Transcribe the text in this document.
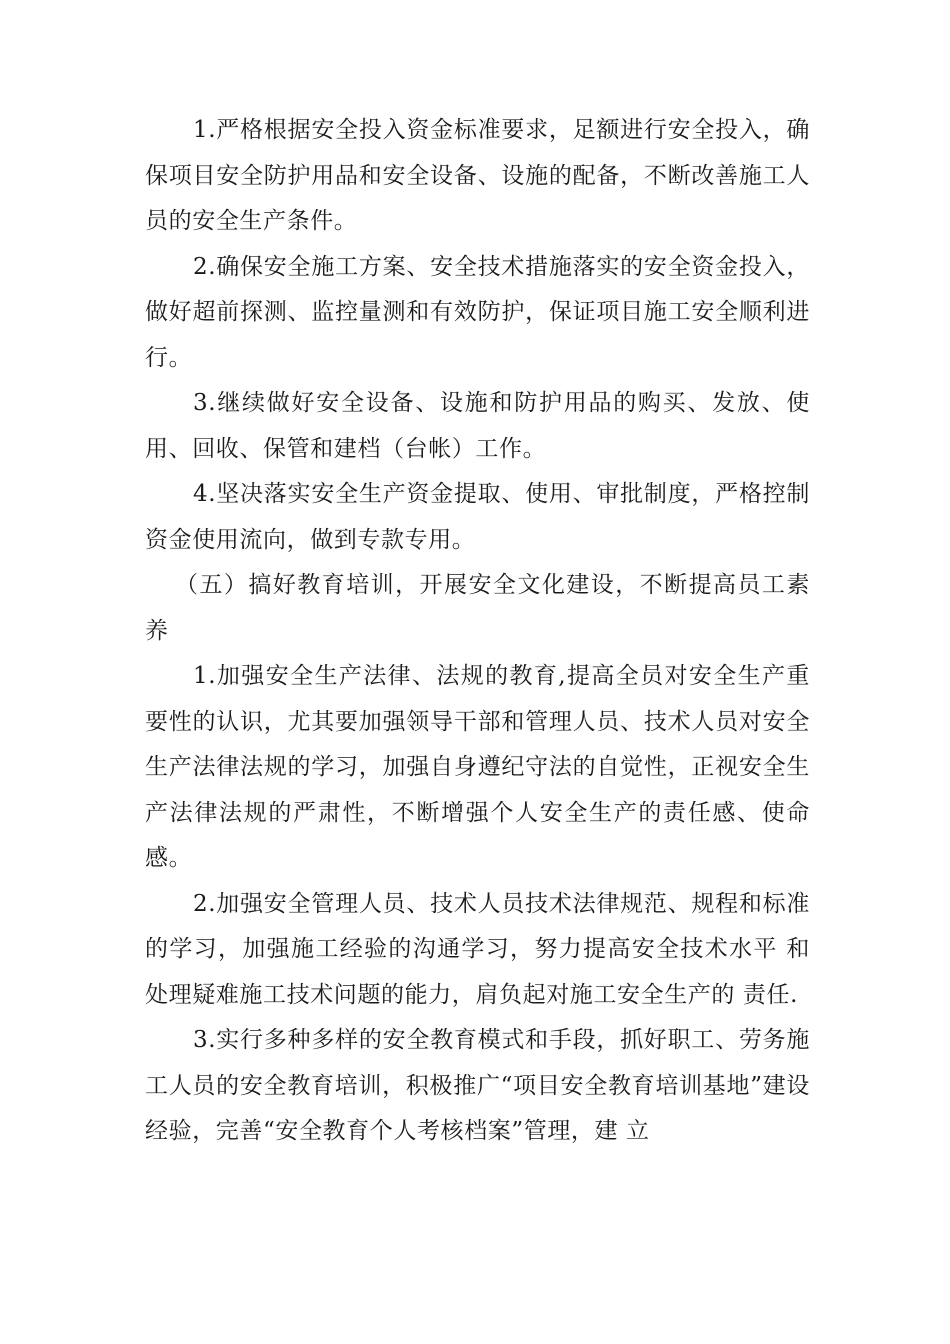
1.严格根据安全投入资金标准要求，足额进行安全投入，确保项目安全防护用品和安全设备、设施的配备，不断改善施工人员的安全生产条件。

2.确保安全施工方案、安全技术措施落实的安全资金投入，做好超前探测、监控量测和有效防护，保证项目施工安全顺利进行。

3.继续做好安全设备、设施和防护用品的购买、发放、使用、回收、保管和建档（台帐）工作。

4.坚决落实安全生产资金提取、使用、审批制度，严格控制资金使用流向，做到专款专用。

（五）搞好教育培训，开展安全文化建设，不断提高员工素养

1.加强安全生产法律、法规的教育,提高全员对安全生产重要性的认识，尤其要加强领导干部和管理人员、技术人员对安全生产法律法规的学习，加强自身遵纪守法的自觉性，正视安全生产法律法规的严肃性，不断增强个人安全生产的责任感、使命感。

2.加强安全管理人员、技术人员技术法律规范、规程和标准 的学习，加强施工经验的沟通学习，努力提高安全技术水平 和处理疑难施工技术问题的能力，肩负起对施工安全生产的 责任.

3.实行多种多样的安全教育模式和手段，抓好职工、劳务施工人员的安全教育培训，积极推广“项目安全教育培训基地”建设经验，完善“安全教育个人考核档案”管理，建 立
